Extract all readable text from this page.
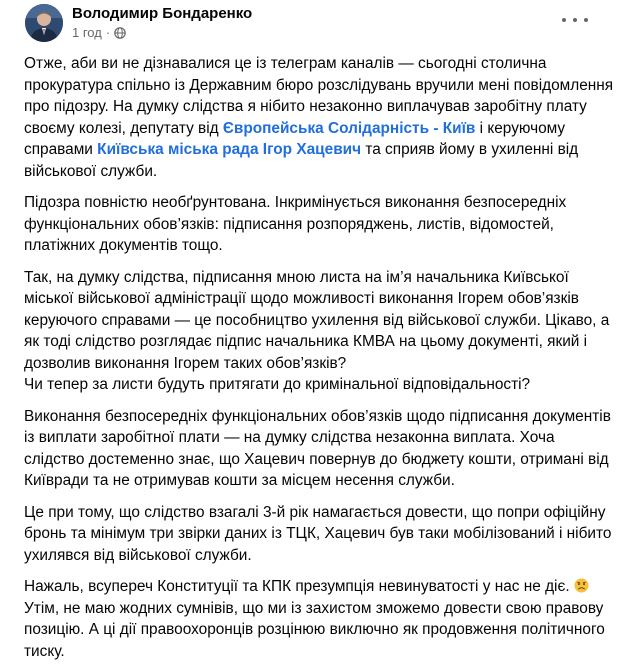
Володимир Бондаренко
1 год ·

Отже, аби ви не дізнавалися це із телеграм каналів — сьогодні столична прокуратура спільно із Державним бюро розслідувань вручили мені повідомлення про підозру. На думку слідства я нібито незаконно виплачував заробітну плату своєму колезі, депутату від Європейська Солідарність - Київ і керуючому справами Київська міська рада Ігор Хацевич та сприяв йому в ухиленні від військової служби.

Підозра повністю необґрунтована. Інкримінується виконання безпосередніх функціональних обов’язків: підписання розпоряджень, листів, відомостей, платіжних документів тощо.

Так, на думку слідства, підписання мною листа на ім’я начальника Київської міської військової адміністрації щодо можливості виконання Ігорем обов’язків керуючого справами — це пособництво ухилення від військової служби. Цікаво, а як тоді слідство розглядає підпис начальника КМВА на цьому документі, який і дозволив виконання Ігорем таких обов’язків?

Чи тепер за листи будуть притягати до кримінальної відповідальності?

Виконання безпосередніх функціональних обов’язків щодо підписання документів із виплати заробітної плати — на думку слідства незаконна виплата. Хоча слідство достеменно знає, що Хацевич повернув до бюджету кошти, отримані від Київради та не отримував кошти за місцем несення служби.

Це при тому, що слідство взагалі 3-й рік намагається довести, що попри офіційну бронь та мінімум три звірки даних із ТЦК, Хацевич був таки мобілізований і нібито ухилявся від військової служби.

Нажаль, всупереч Конституції та КПК презумпція невинуватості у нас не діє.

Утім, не маю жодних сумнівів, що ми із захистом зможемо довести свою правову позицію. А ці дії правоохоронців розцінюю виключно як продовження політичного тиску.
